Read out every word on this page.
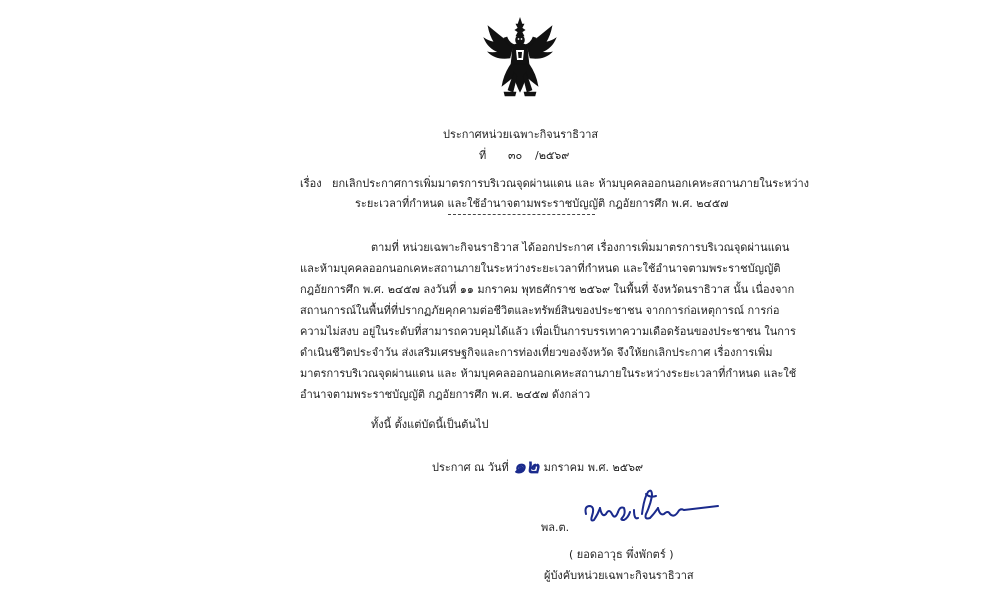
ประกาศหน่วยเฉพาะกิจนราธิวาส
ที่ ๓๐ /๒๕๖๙
เรื่อง ยกเลิกประกาศการเพิ่มมาตรการบริเวณจุดผ่านแดน และ ห้ามบุคคลออกนอกเคหะสถานภายในระหว่าง
ระยะเวลาที่กำหนด และใช้อำนาจตามพระราชบัญญัติ กฎอัยการศึก พ.ศ. ๒๔๕๗
ตามที่ หน่วยเฉพาะกิจนราธิวาส ได้ออกประกาศ เรื่องการเพิ่มมาตรการบริเวณจุดผ่านแดน
และห้ามบุคคลออกนอกเคหะสถานภายในระหว่างระยะเวลาที่กำหนด และใช้อำนาจตามพระราชบัญญัติ
กฎอัยการศึก พ.ศ. ๒๔๕๗ ลงวันที่ ๑๑ มกราคม พุทธศักราช ๒๕๖๙ ในพื้นที่ จังหวัดนราธิวาส นั้น เนื่องจาก
สถานการณ์ในพื้นที่ที่ปรากฏภัยคุกคามต่อชีวิตและทรัพย์สินของประชาชน จากการก่อเหตุการณ์ การก่อ
ความไม่สงบ อยู่ในระดับที่สามารถควบคุมได้แล้ว เพื่อเป็นการบรรเทาความเดือดร้อนของประชาชน ในการ
ดำเนินชีวิตประจำวัน ส่งเสริมเศรษฐกิจและการท่องเที่ยวของจังหวัด จึงให้ยกเลิกประกาศ เรื่องการเพิ่ม
มาตรการบริเวณจุดผ่านแดน และ ห้ามบุคคลออกนอกเคหะสถานภายในระหว่างระยะเวลาที่กำหนด และใช้
อำนาจตามพระราชบัญญัติ กฎอัยการศึก พ.ศ. ๒๔๕๗ ดังกล่าว
ทั้งนี้ ตั้งแต่บัดนี้เป็นต้นไป
ประกาศ ณ วันที่ ๑๒ มกราคม พ.ศ. ๒๕๖๙
พล.ต.
( ยอดอาวุธ พึ่งพักตร์ )
ผู้บังคับหน่วยเฉพาะกิจนราธิวาส
